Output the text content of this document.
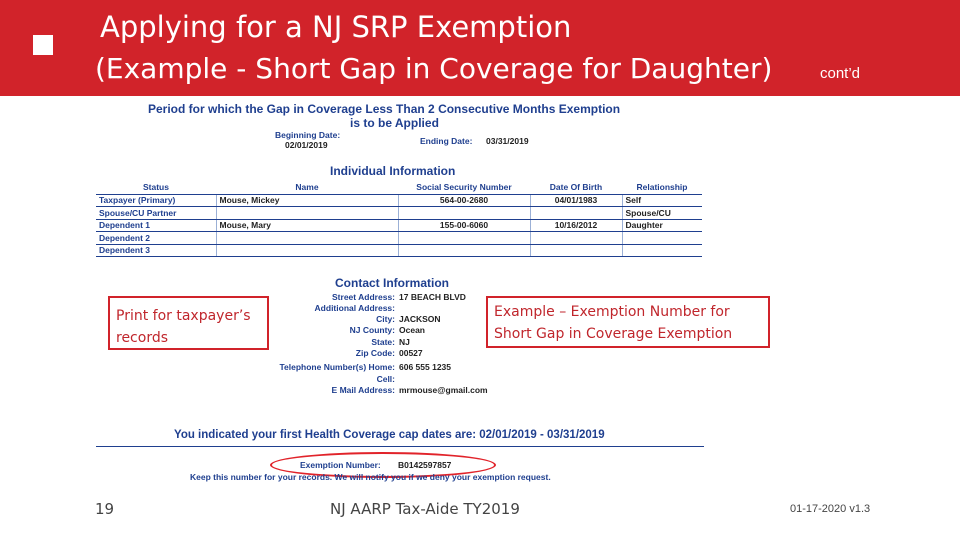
Applying for a NJ SRP Exemption
(Example - Short Gap in Coverage for Daughter)	cont’d
Period for which the Gap in Coverage Less Than 2 Consecutive Months Exemption
is to be Applied
Beginning Date:
02/01/2019	Ending Date: 03/31/2019
Individual Information
Status	Name	Social Security Number	Date Of Birth	Relationship
Taxpayer (Primary)	Mouse, Mickey	564-00-2680	04/01/1983	Self
Spouse/CU Partner				Spouse/CU
Dependent 1	Mouse, Mary	155-00-6060	10/16/2012	Daughter
Dependent 2				
Dependent 3				
Contact Information
Street Address: 17 BEACH BLVD
Additional Address:
City: JACKSON
NJ County: Ocean
State: NJ
Zip Code: 00527
Telephone Number(s) Home: 606 555 1235
Cell:
E Mail Address: mrmouse@gmail.com
Print for taxpayer’s records
Example – Exemption Number for Short Gap in Coverage Exemption
You indicated your first Health Coverage cap dates are: 02/01/2019 - 03/31/2019
Exemption Number: B0142597857
Keep this number for your records. We will notify you if we deny your exemption request.
19	NJ AARP Tax-Aide TY2019	01-17-2020 v1.3
